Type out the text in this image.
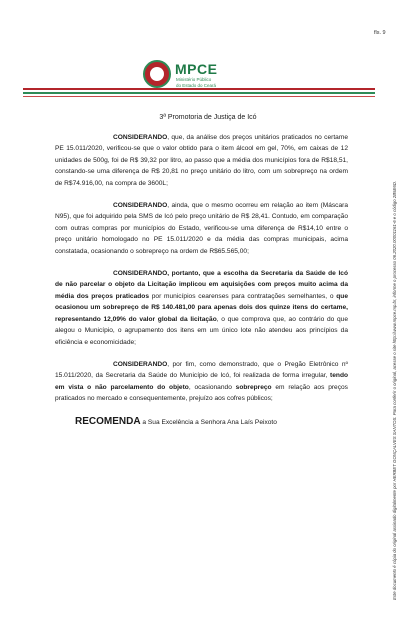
fls. 9
MPCE
Ministério Público
do Estado do Ceará
3ª Promotoria de Justiça de Icó

CONSIDERANDO, que, da análise dos preços unitários praticados no certame PE 15.011/2020, verificou-se que o valor obtido para o item álcool em gel, 70%, em caixas de 12 unidades de 500g, foi de R$ 39,32 por litro, ao passo que a média dos municípios fora de R$18,51, constando-se uma diferença de R$ 20,81 no preço unitário do litro, com um sobrepreço na ordem de R$74.916,00, na compra de 3600L;

CONSIDERANDO, ainda, que o mesmo ocorreu em relação ao item (Máscara N95), que foi adquirido pela SMS de Icó pelo preço unitário de R$ 28,41. Contudo, em comparação com outras compras por municípios do Estado, verificou-se uma diferença de R$14,10 entre o preço unitário homologado no PE 15.011/2020 e da média das compras municipais, acima constatada, ocasionando o sobrepreço na ordem de R$65.565,00;

CONSIDERANDO, portanto, que a escolha da Secretaria da Saúde de Icó de não parcelar o objeto da Licitação implicou em aquisições com preços muito acima da média dos preços praticados por municípios cearenses para contratações semelhantes, o que ocasionou um sobrepreço de R$ 140.481,00 para apenas dois dos quinze itens do certame, representando 12,09% do valor global da licitação, o que comprova que, ao contrário do que alegou o Município, o agrupamento dos itens em um único lote não atendeu aos princípios da eficiência e economicidade;

CONSIDERANDO, por fim, como demonstrado, que o Pregão Eletrônico nº 15.011/2020, da Secretaria da Saúde do Município de Icó, foi realizada de forma irregular, tendo em vista o não parcelamento do objeto, ocasionando sobrepreço em relação aos preços praticados no mercado e consequentemente, prejuízo aos cofres públicos;

RECOMENDA a Sua Excelência a Senhora Ana Laís Peixoto	Este documento é cópia do original assinado digitalmente por HERBET GONÇALVES SANTOS. Para conferir o original, acesse o site http://www.mpce.mp.br, informe o processo 06.2020.00001161-6 e o código 2B5E6D.
